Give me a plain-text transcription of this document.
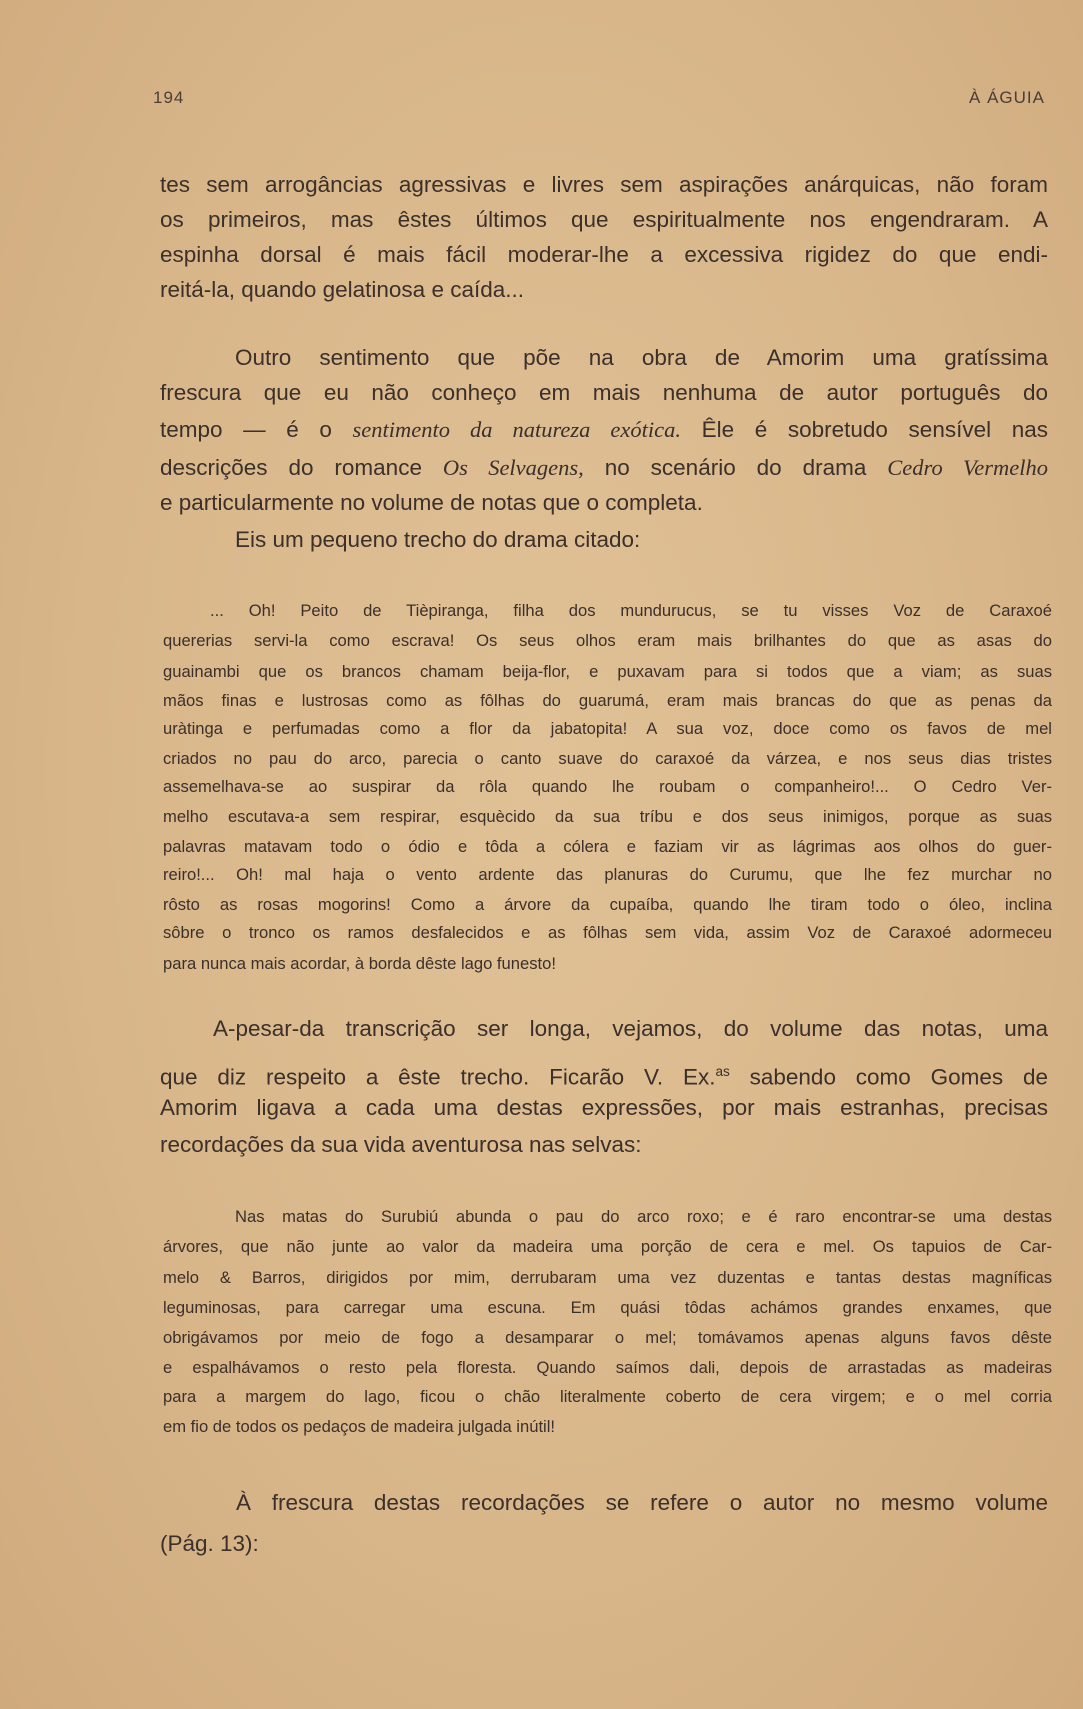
194	À ÁGUIA
tes sem arrogâncias agressivas e livres sem aspirações anárquicas, não foram
os primeiros, mas êstes últimos que espiritualmente nos engendraram. A
espinha dorsal é mais fácil moderar-lhe a excessiva rigidez do que endi-
reitá-la, quando gelatinosa e caída...
Outro sentimento que põe na obra de Amorim uma gratíssima
frescura que eu não conheço em mais nenhuma de autor português do
tempo — é o sentimento da natureza exótica. Êle é sobretudo sensível nas
descrições do romance Os Selvagens, no scenário do drama Cedro Vermelho
e particularmente no volume de notas que o completa.
Eis um pequeno trecho do drama citado:
... Oh! Peito de Tièpiranga, filha dos mundurucus, se tu visses Voz de Caraxoé
quererias servi-la como escrava! Os seus olhos eram mais brilhantes do que as asas do
guainambi que os brancos chamam beija-flor, e puxavam para si todos que a viam; as suas
mãos finas e lustrosas como as fôlhas do guarumá, eram mais brancas do que as penas da
uràtinga e perfumadas como a flor da jabatopita! A sua voz, doce como os favos de mel
criados no pau do arco, parecia o canto suave do caraxoé da várzea, e nos seus dias tristes
assemelhava-se ao suspirar da rôla quando lhe roubam o companheiro!... O Cedro Ver-
melho escutava-a sem respirar, esquècido da sua tríbu e dos seus inimigos, porque as suas
palavras matavam todo o ódio e tôda a cólera e faziam vir as lágrimas aos olhos do guer-
reiro!... Oh! mal haja o vento ardente das planuras do Curumu, que lhe fez murchar no
rôsto as rosas mogorins! Como a árvore da cupaíba, quando lhe tiram todo o óleo, inclina
sôbre o tronco os ramos desfalecidos e as fôlhas sem vida, assim Voz de Caraxoé adormeceu
para nunca mais acordar, à borda dêste lago funesto!
A-pesar-da transcrição ser longa, vejamos, do volume das notas, uma
que diz respeito a êste trecho. Ficarão V. Ex.$^{as}$ sabendo como Gomes de
Amorim ligava a cada uma destas expressões, por mais estranhas, precisas
recordações da sua vida aventurosa nas selvas:
Nas matas do Surubiú abunda o pau do arco roxo; e é raro encontrar-se uma destas
árvores, que não junte ao valor da madeira uma porção de cera e mel. Os tapuios de Car-
melo & Barros, dirigidos por mim, derrubaram uma vez duzentas e tantas destas magníficas
leguminosas, para carregar uma escuna. Em quási tôdas achámos grandes enxames, que
obrigávamos por meio de fogo a desamparar o mel; tomávamos apenas alguns favos dêste
e espalhávamos o resto pela floresta. Quando saímos dali, depois de arrastadas as madeiras
para a margem do lago, ficou o chão literalmente coberto de cera virgem; e o mel corria
em fio de todos os pedaços de madeira julgada inútil!
À frescura destas recordações se refere o autor no mesmo volume
(Pág. 13):
